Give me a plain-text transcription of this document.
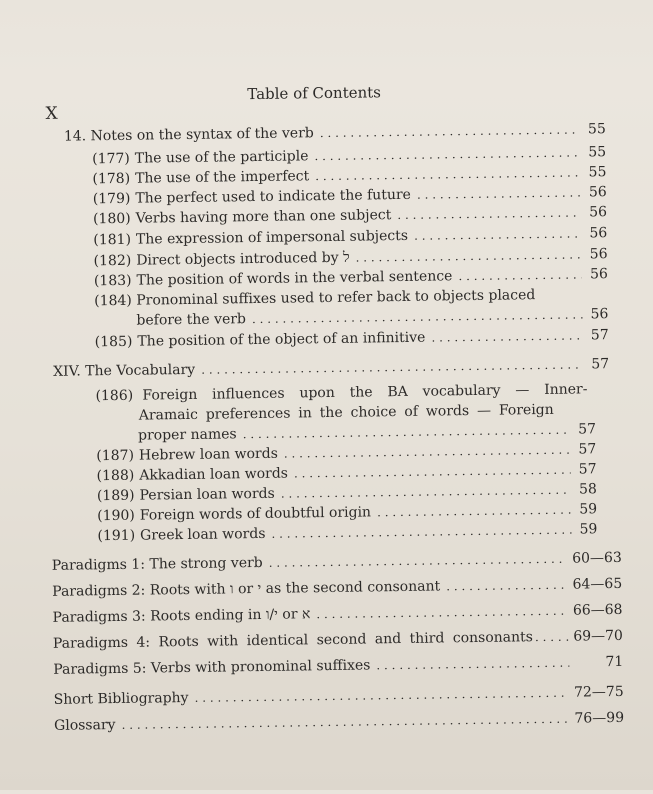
X
Table of Contents
14. Notes on the syntax of the verb . . .	55
(177) The use of the participle . . .	55
(178) The use of the imperfect . . .	55
(179) The perfect used to indicate the future . . .	56
(180) Verbs having more than one subject . . .	56
(181) The expression of impersonal subjects . . .	56
(182) Direct objects introduced by ל . . .	56
(183) The position of words in the verbal sentence . . .	56
(184) Pronominal suffixes used to refer back to objects placed
before the verb . . .	56
(185) The position of the object of an infinitive . . .	57
XIV. The Vocabulary . . .	57
(186) Foreign influences upon the BA vocabulary — Inner-
Aramaic preferences in the choice of words — Foreign
proper names . . .	57
(187) Hebrew loan words . . .	57
(188) Akkadian loan words . . .	57
(189) Persian loan words . . .	58
(190) Foreign words of doubtful origin . . .	59
(191) Greek loan words . . .	59
Paradigms 1: The strong verb . . .	60—63
Paradigms 2: Roots with ו or י as the second consonant . . .	64—65
Paradigms 3: Roots ending in י/ו or א . . .	66—68
Paradigms 4: Roots with identical second and third consonants . . .	69—70
Paradigms 5: Verbs with pronominal suffixes . . .	71
Short Bibliography . . .	72—75
Glossary . . .	76—99
